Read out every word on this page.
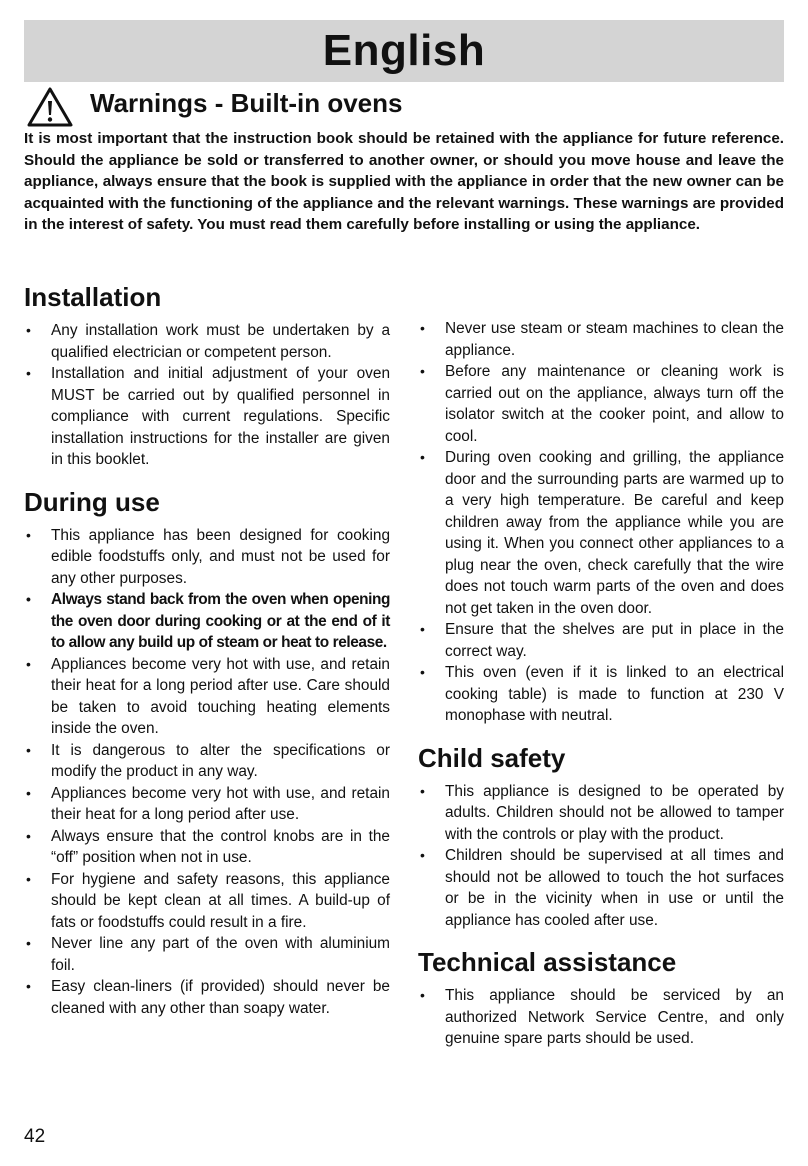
English
Warnings - Built-in ovens

It is most important that the instruction book should be retained with the appliance for future reference. Should the appliance be sold or transferred to another owner, or should you move house and leave the appliance, always ensure that the book is supplied with the appliance in order that the new owner can be acquainted with the functioning of the appliance and the relevant warnings. These warnings are provided in the interest of safety. You must read them carefully before installing or using the appliance.

Installation
• Any installation work must be undertaken by a qualified electrician or competent person.
• Installation and initial adjustment of your oven MUST be carried out by qualified personnel in compliance with current regulations. Specific installation instructions for the installer are given in this booklet.
During use
• This appliance has been designed for cooking edible foodstuffs only, and must not be used for any other purposes.
• Always stand back from the oven when opening the oven door during cooking or at the end of it to allow any build up of steam or heat to release.
• Appliances become very hot with use, and retain their heat for a long period after use. Care should be taken to avoid touching heating elements inside the oven.
• It is dangerous to alter the specifications or modify the product in any way.
• Appliances become very hot with use, and retain their heat for a long period after use.
• Always ensure that the control knobs are in the “off” position when not in use.
• For hygiene and safety reasons, this appliance should be kept clean at all times. A build-up of fats or foodstuffs could result in a fire.
• Never line any part of the oven with aluminium foil.
• Easy clean-liners (if provided) should never be cleaned with any other than soapy water.
• Never use steam or steam machines to clean the appliance.
• Before any maintenance or cleaning work is carried out on the appliance, always turn off the isolator switch at the cooker point, and allow to cool.
• During oven cooking and grilling, the appliance door and the surrounding parts are warmed up to a very high temperature. Be careful and keep children away from the appliance while you are using it. When you connect other appliances to a plug near the oven, check carefully that the wire does not touch warm parts of the oven and does not get taken in the oven door.
• Ensure that the shelves are put in place in the correct way.
• This oven (even if it is linked to an electrical cooking table) is made to function at 230 V monophase with neutral.
Child safety
• This appliance is designed to be operated by adults. Children should not be allowed to tamper with the controls or play with the product.
• Children should be supervised at all times and should not be allowed to touch the hot surfaces or be in the vicinity when in use or until the appliance has cooled after use.
Technical assistance
• This appliance should be serviced by an authorized Network Service Centre, and only genuine spare parts should be used.
42
